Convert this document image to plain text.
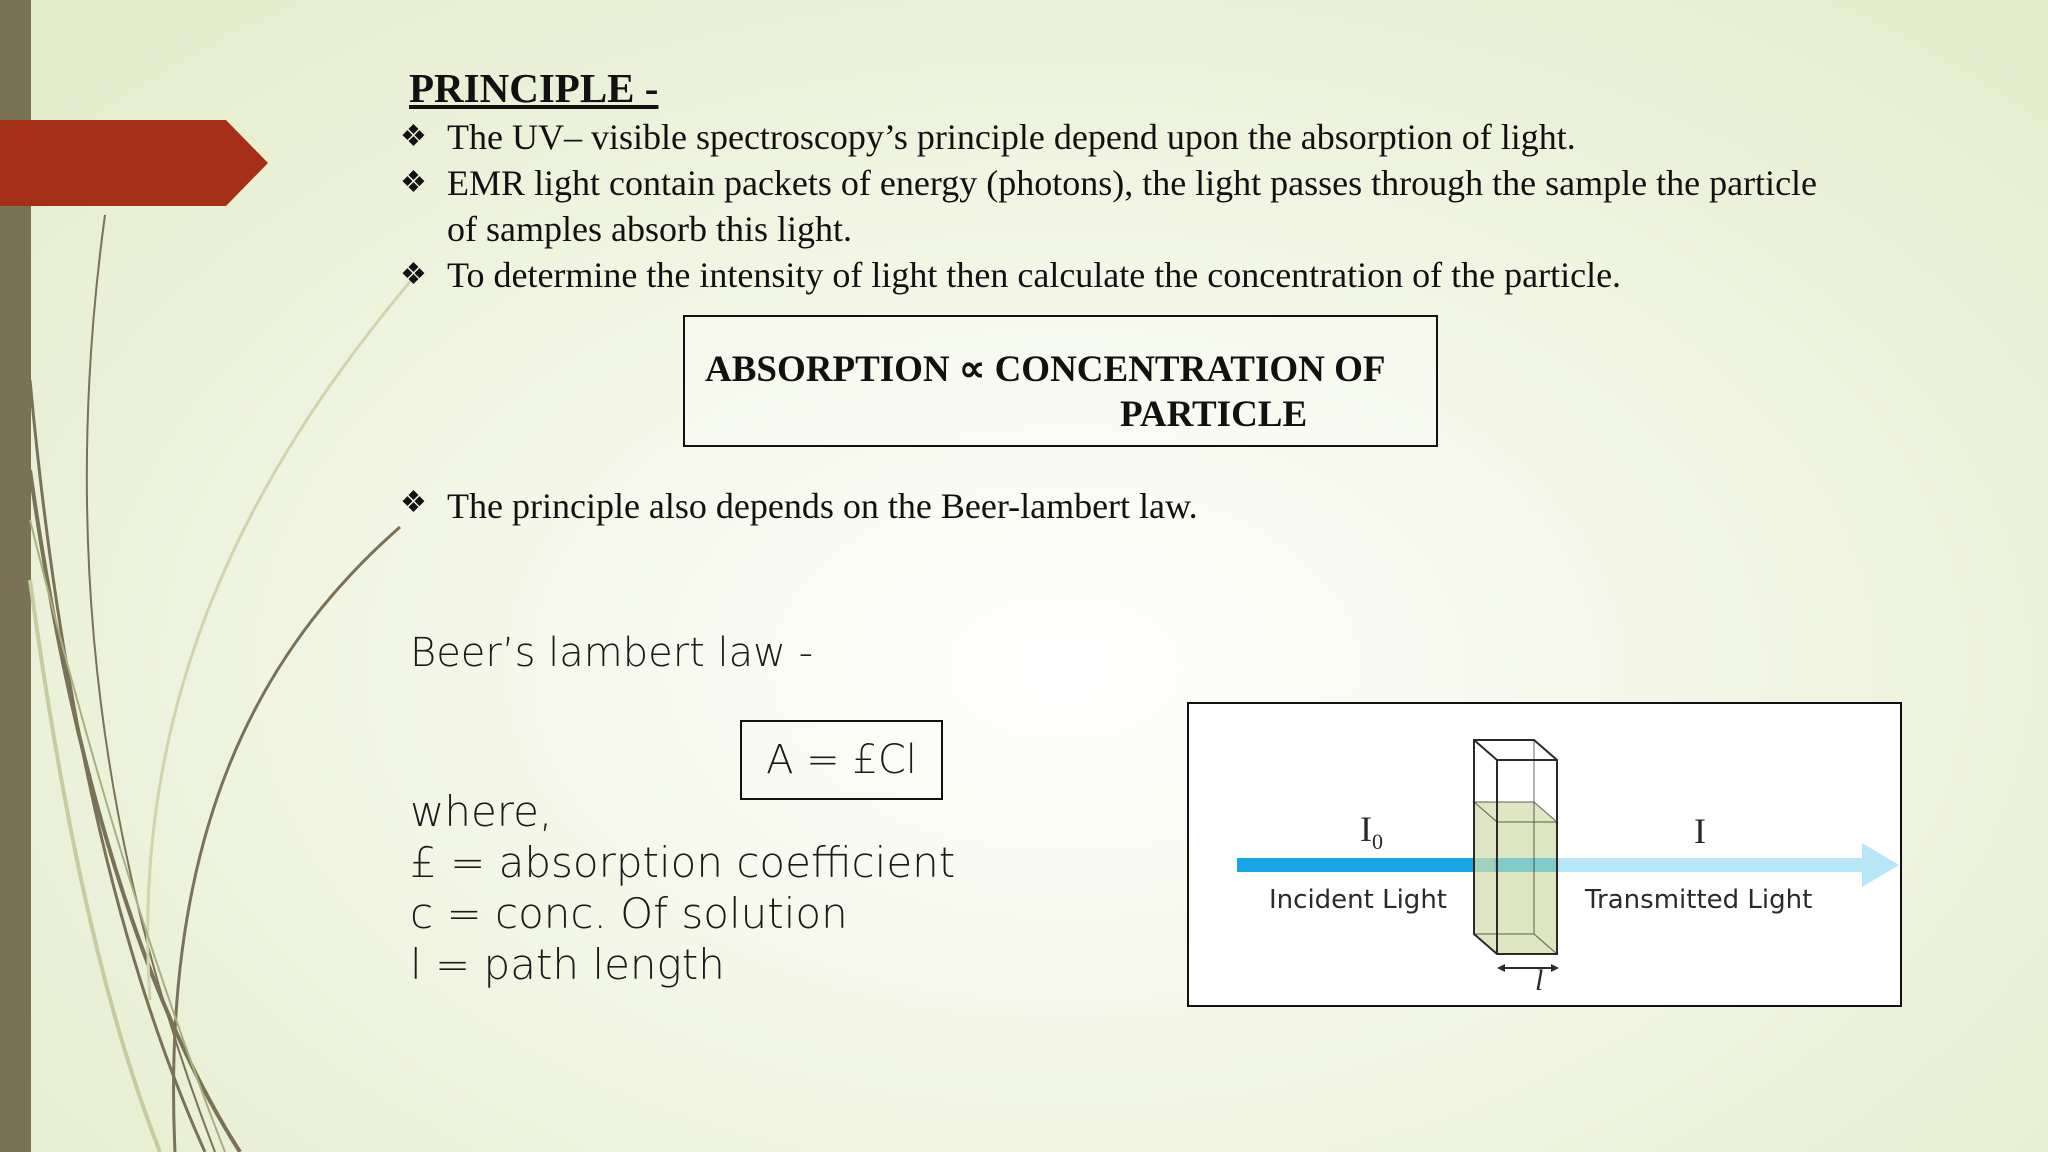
PRINCIPLE -
❖ The UV– visible spectroscopy’s principle depend upon the absorption of light.
❖ EMR light contain packets of energy (photons), the light passes through the sample the particle of samples absorb this light.
❖ To determine the intensity of light then calculate the concentration of the particle.
ABSORPTION ∝ CONCENTRATION OF
PARTICLE
❖ The principle also depends on the Beer-lambert law.
Beer’s lambert law -
A = £Cl
where,
£ = absorption coefficient
c = conc. Of solution
l = path length
$I_0$	I
Incident Light	Transmitted Light
l
